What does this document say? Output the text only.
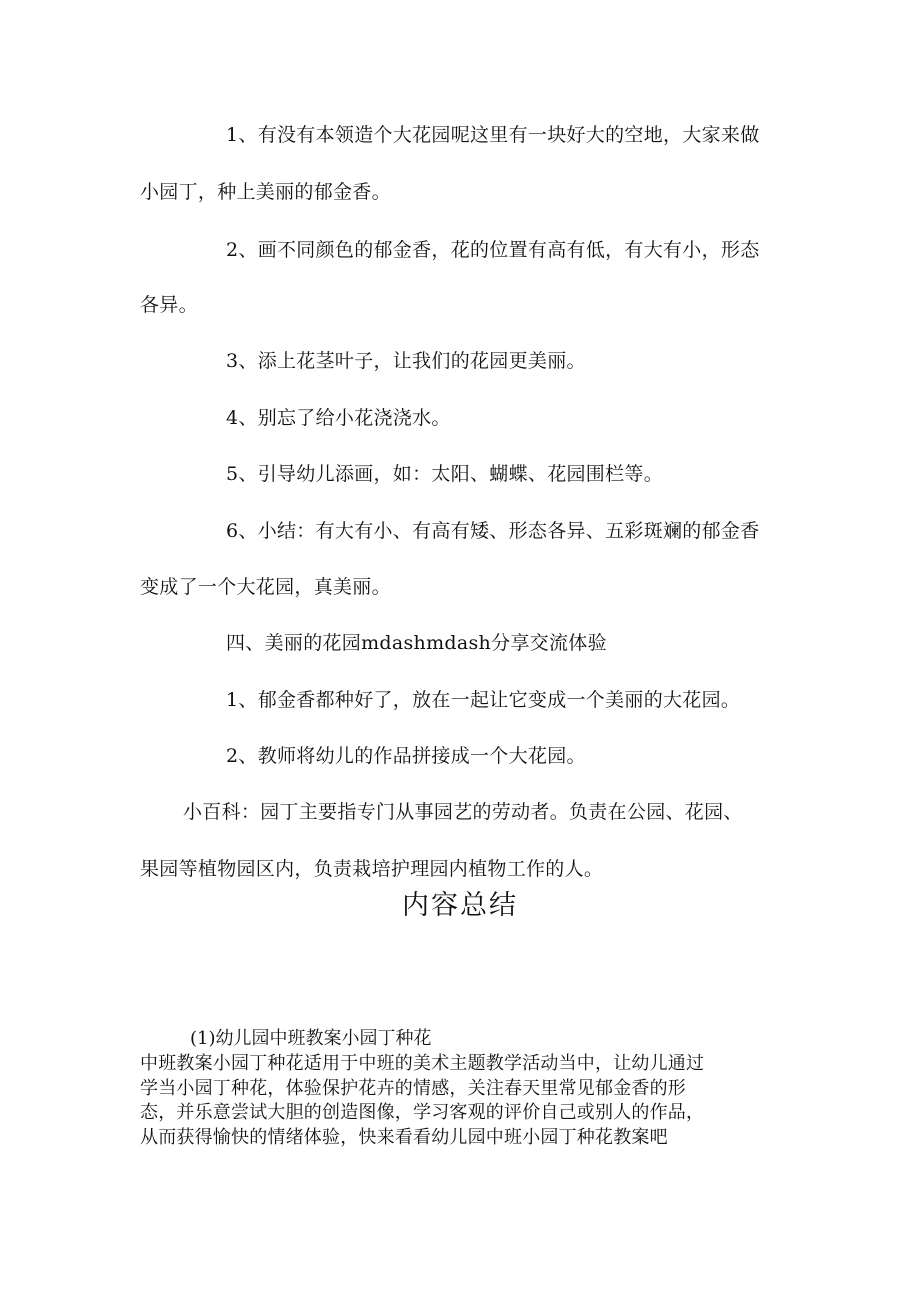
1、有没有本领造个大花园呢这里有一块好大的空地，大家来做
小园丁，种上美丽的郁金香。
2、画不同颜色的郁金香，花的位置有高有低，有大有小，形态
各异。
3、添上花茎叶子，让我们的花园更美丽。
4、别忘了给小花浇浇水。
5、引导幼儿添画，如：太阳、蝴蝶、花园围栏等。
6、小结：有大有小、有高有矮、形态各异、五彩斑斓的郁金香
变成了一个大花园，真美丽。
四、美丽的花园mdashmdash分享交流体验
1、郁金香都种好了，放在一起让它变成一个美丽的大花园。
2、教师将幼儿的作品拼接成一个大花园。
小百科：园丁主要指专门从事园艺的劳动者。负责在公园、花园、
果园等植物园区内，负责栽培护理园内植物工作的人。
内容总结
(1)幼儿园中班教案小园丁种花
中班教案小园丁种花适用于中班的美术主题教学活动当中，让幼儿通过
学当小园丁种花，体验保护花卉的情感，关注春天里常见郁金香的形
态，并乐意尝试大胆的创造图像，学习客观的评价自己或别人的作品，
从而获得愉快的情绪体验，快来看看幼儿园中班小园丁种花教案吧
